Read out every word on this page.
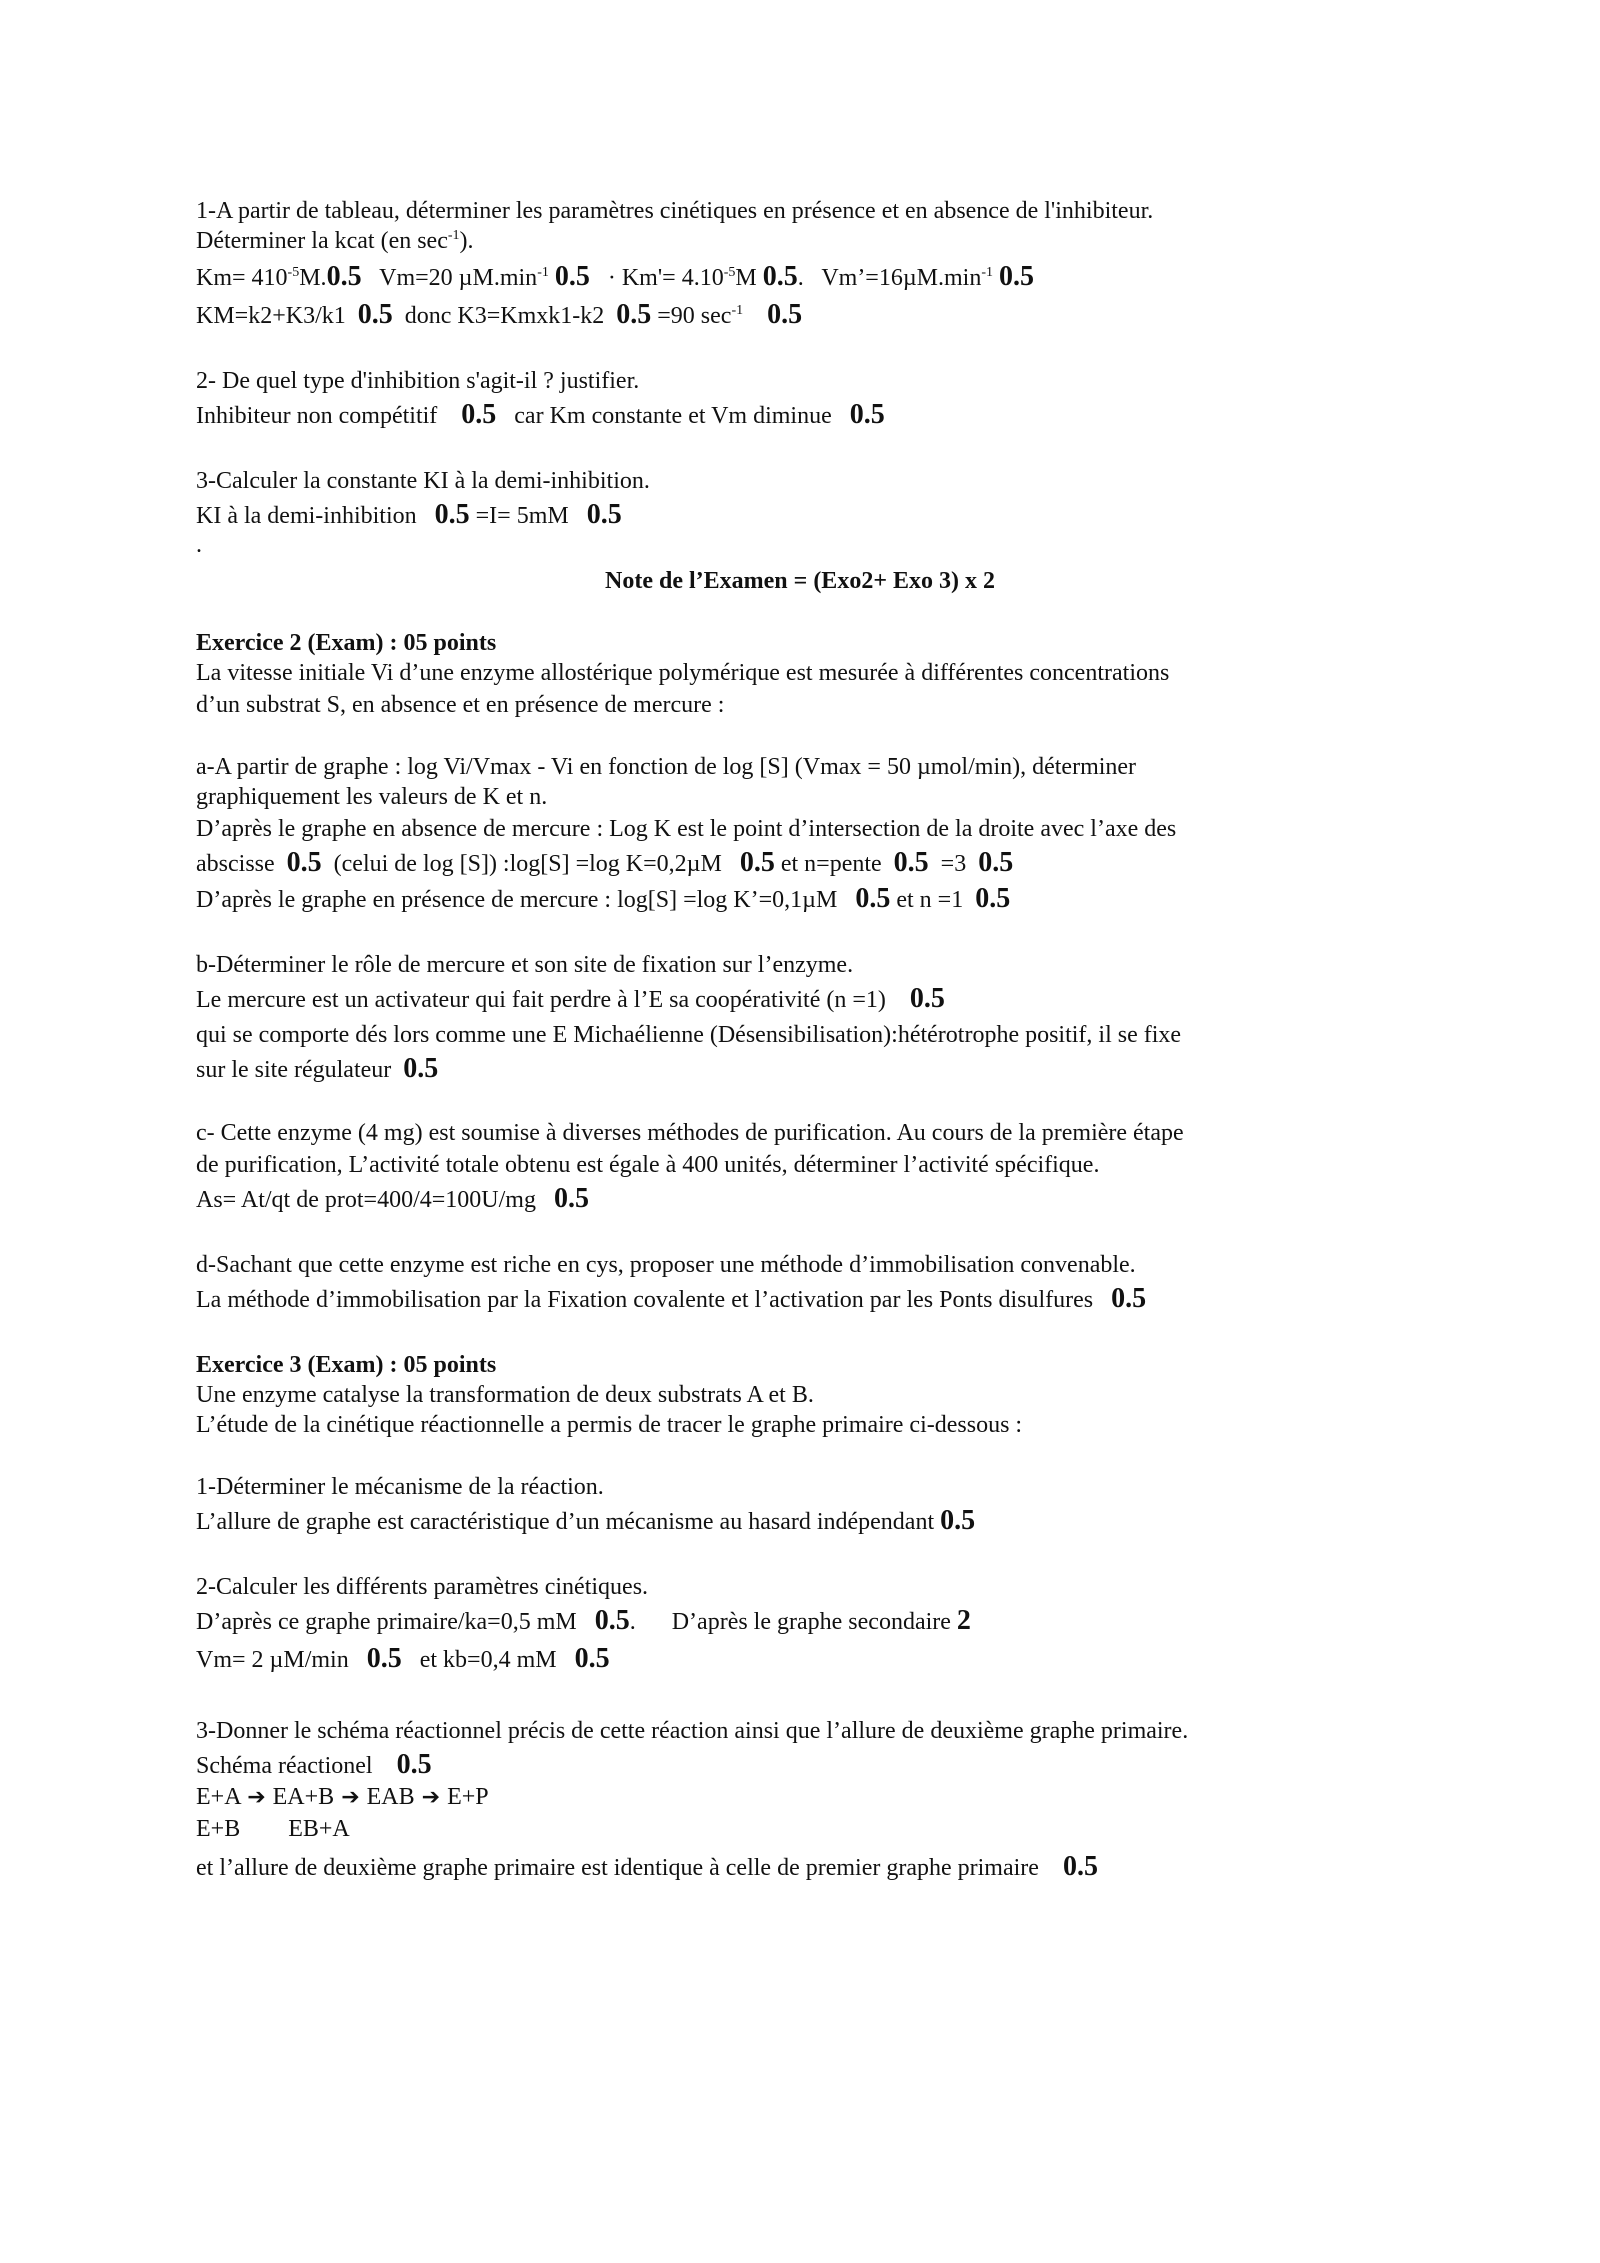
1-A partir de tableau, déterminer les paramètres cinétiques en présence et en absence de l'inhibiteur.
Déterminer la kcat (en $\sec^{-1}$).
$Km= 410^{-5}M.0.5$ Vm=20 $\mu M.\min^{-1}$ $0.5 \cdot Km'= 4.10^{-5}M$ 0.5.   $Vm’=16\mu M.\min^{-1}$ 0.5
KM=k2+K3/k1 0.5 donc K3=Kmxk1-k2 0.5 =90 $\sec^{-1} 0.5$
2- De quel type d'inhibition s'agit-il ? justifier.
Inhibiteur non compétitif 0.5 car Km constante et Vm diminue 0.5
3-Calculer la constante KI à la demi-inhibition.
KI à la demi-inhibition 0.5 =I= 5mM 0.5
.
Note de l’Examen = (Exo2+ Exo 3) x 2
Exercice 2 (Exam) : 05 points
La vitesse initiale Vi d’une enzyme allostérique polymérique est mesurée à différentes concentrations
d’un substrat S, en absence et en présence de mercure :
a-A partir de graphe : log Vi/Vmax - Vi en fonction de log [S] (Vmax = 50 µmol/min), déterminer
graphiquement les valeurs de K et n.
D’après le graphe en absence de mercure : Log K est le point d’intersection de la droite avec l’axe des
abscisse 0.5 (celui de log [S]) :log[S] =log K=0,2µM 0.5 et n=pente 0.5 =3 0.5
D’après le graphe en présence de mercure : log[S] =log K’=0,1µM 0.5 et n =1 0.5
b-Déterminer le rôle de mercure et son site de fixation sur l’enzyme.
Le mercure est un activateur qui fait perdre à l’E sa coopérativité (n =1) 0.5
qui se comporte dés lors comme une E Michaélienne (Désensibilisation):hétérotrophe positif, il se fixe
sur le site régulateur 0.5
c- Cette enzyme (4 mg) est soumise à diverses méthodes de purification. Au cours de la première étape
de purification, L’activité totale obtenu est égale à 400 unités, déterminer l’activité spécifique.
As= At/qt de prot=400/4=100U/mg 0.5
d-Sachant que cette enzyme est riche en cys, proposer une méthode d’immobilisation convenable.
La méthode d’immobilisation par la Fixation covalente et l’activation par les Ponts disulfures 0.5
Exercice 3 (Exam) : 05 points
Une enzyme catalyse la transformation de deux substrats A et B.
L’étude de la cinétique réactionnelle a permis de tracer le graphe primaire ci-dessous :
1-Déterminer le mécanisme de la réaction.
L’allure de graphe est caractéristique d’un mécanisme au hasard indépendant 0.5
2-Calculer les différents paramètres cinétiques.
D’après ce graphe primaire/ka=0,5 mM 0.5.      D’après le graphe secondaire 2
Vm= 2 µM/min 0.5 et kb=0,4 mM 0.5
3-Donner le schéma réactionnel précis de cette réaction ainsi que l’allure de deuxième graphe primaire.
Schéma réactionel 0.5
E+A ➔ EA+B ➔ EAB ➔ E+P
E+B EB+A
et l’allure de deuxième graphe primaire est identique à celle de premier graphe primaire 0.5
